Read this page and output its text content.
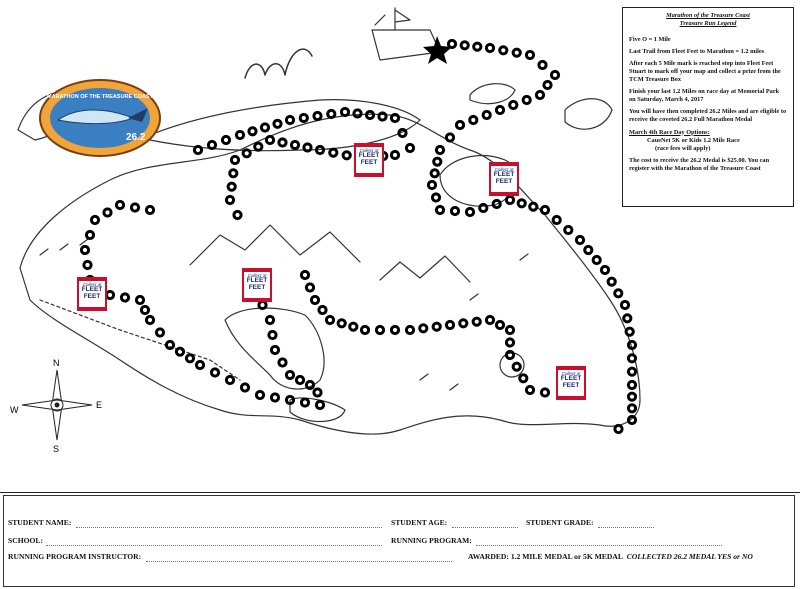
N
S
E
W
MARATHON OF THE TREASURE COAST
26.2
Collect at
FLEET
FEET
Collect at
FLEET
FEET
Collect at
FLEET
FEET
Collect at
FLEET
FEET
Collect at
FLEET
FEET
Marathon of the Treasure Coast
Treasure Run Legend

Five O = 1 Mile

Last Trail from Fleet Feet to Marathon = 1.2 miles

After each 5 Mile mark is reached stop into Fleet Feet Stuart to mark off your map and collect a prize from the TCM Treasure Box

Finish your last 1.2 Miles on race day at Memorial Park on Saturday, March 4, 2017

You will have then completed 26.2 Miles and are eligible to receive the coveted 26.2 Full Marathon Medal

March 4th Race Day Options:
CaueNet 5K or Kids 1.2 Mile Race
(race fees will apply)

The cost to receive the 26.2 Medal is $25.00. You can register with the Marathon of the Treasure Coast

STUDENT NAME:	STUDENT AGE:	STUDENT GRADE:
SCHOOL:	RUNNING PROGRAM:
RUNNING PROGRAM INSTRUCTOR:	AWARDED: 1.2 MILE MEDAL or 5K MEDAL COLLECTED 26.2 MEDAL YES or NO
